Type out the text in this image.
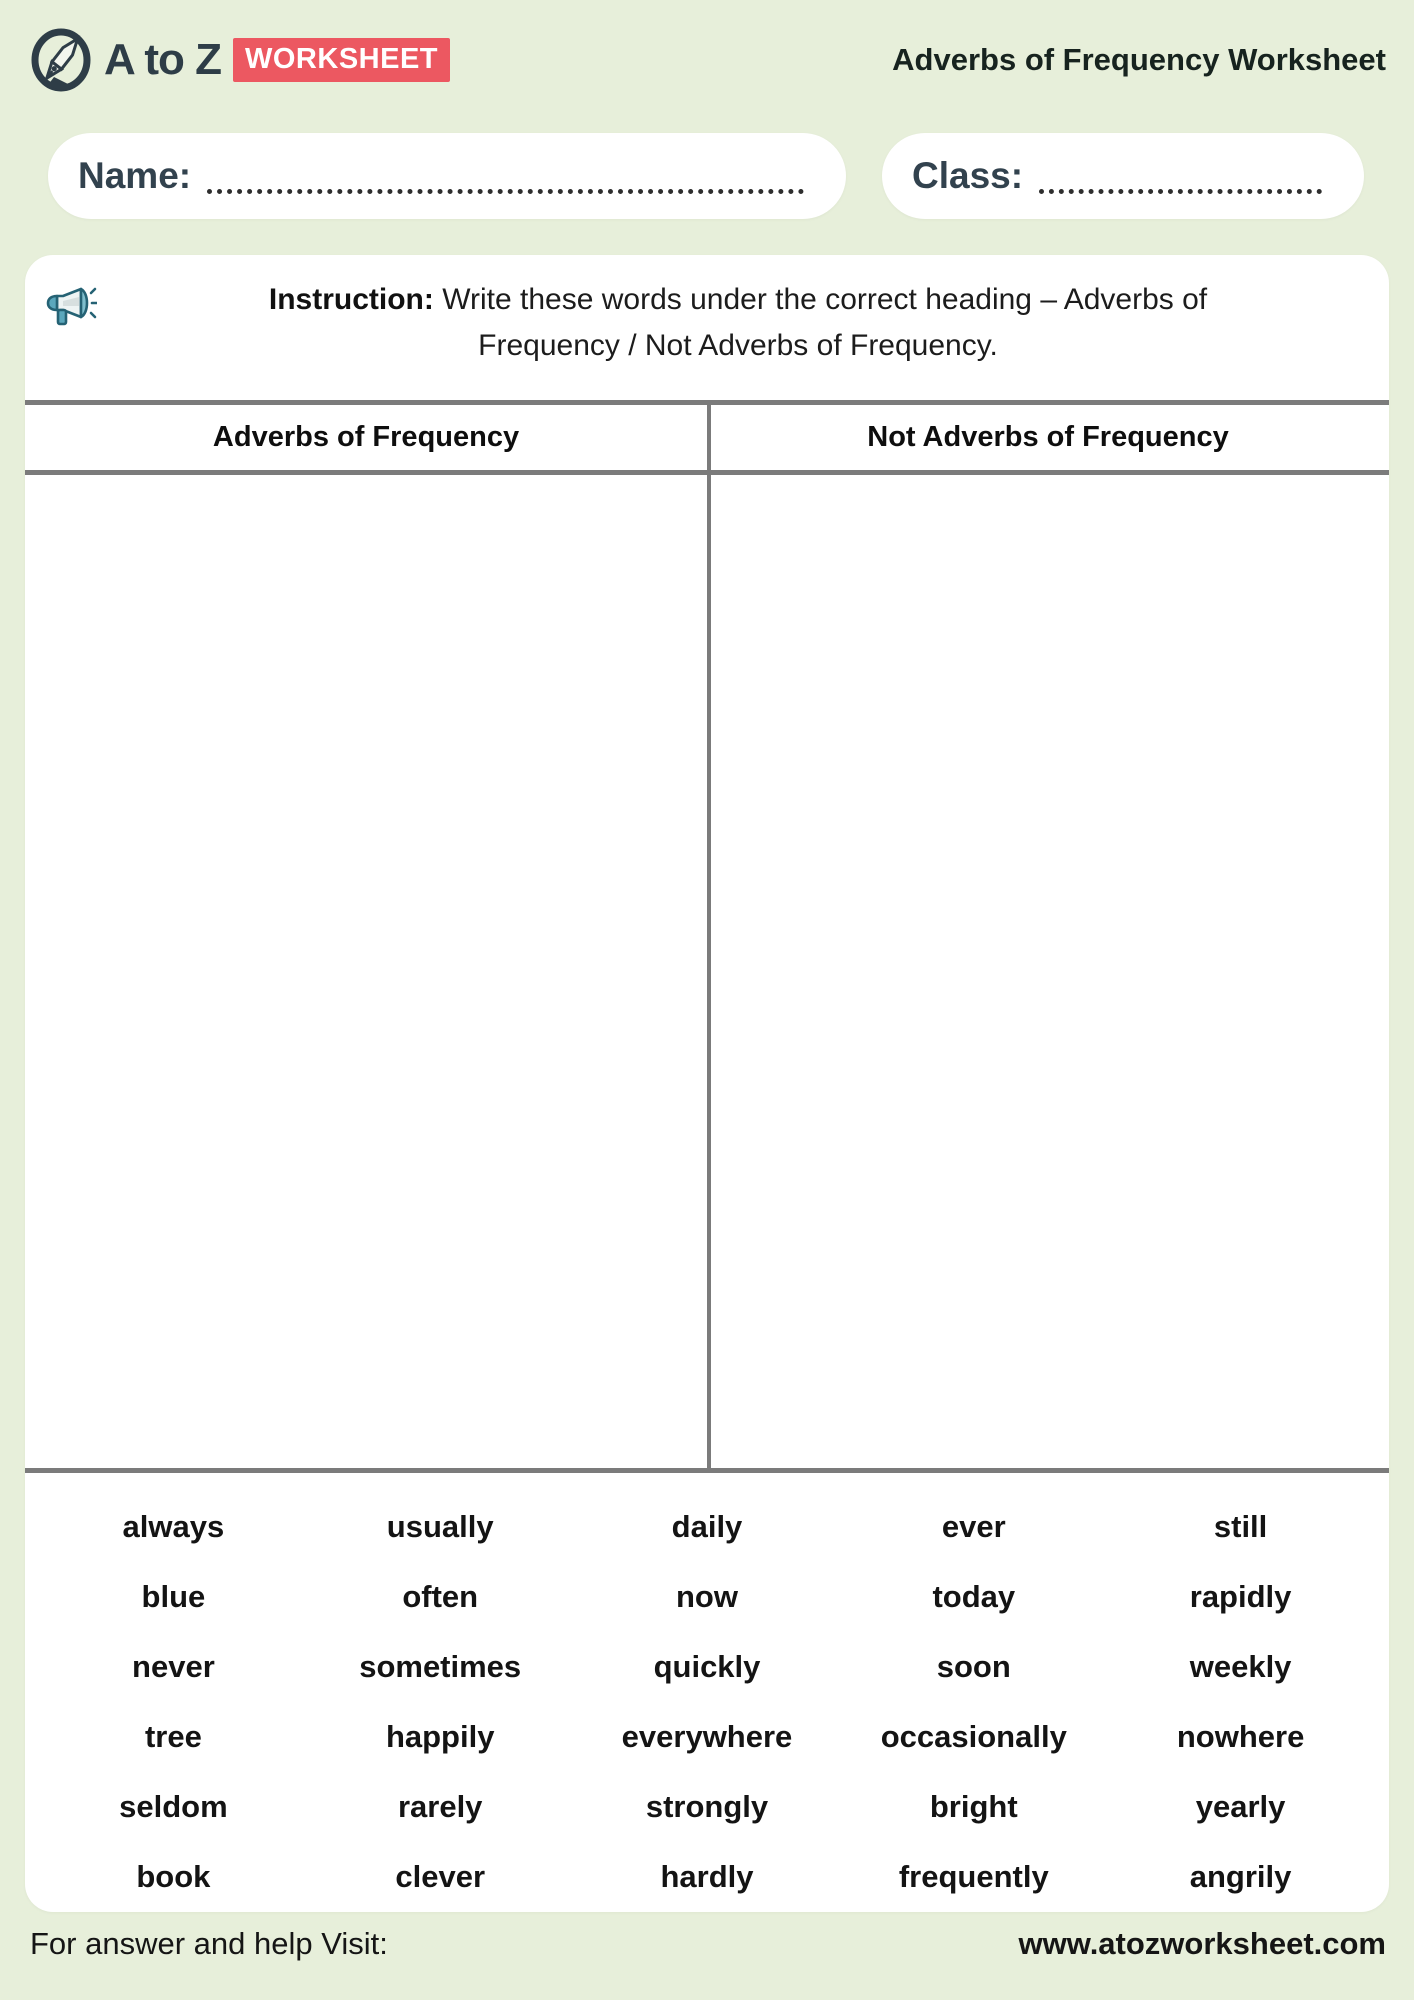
A to Z WORKSHEET	Adverbs of Frequency Worksheet
Name:	Class:
Instruction: Write these words under the correct heading – Adverbs of
Frequency / Not Adverbs of Frequency.
Adverbs of Frequency	Not Adverbs of Frequency
always	usually	daily	ever	still
blue	often	now	today	rapidly
never	sometimes	quickly	soon	weekly
tree	happily	everywhere	occasionally	nowhere
seldom	rarely	strongly	bright	yearly
book	clever	hardly	frequently	angrily
For answer and help Visit:	www.atozworksheet.com
